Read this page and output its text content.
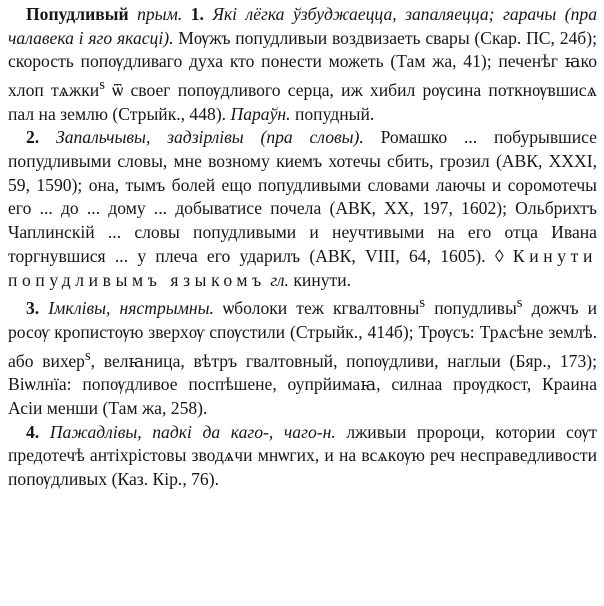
Попудливый прым. 1. Які лёгка ўзбуджаецца, запаляецца; гарачы (пра чалавека і яго якасці). Мѹжъ попудливыи воздвизаеть свары (Скар. ПС, 24б); скорость попѹдливаго духа кто понести можеть (Там жа, 41); печенѣг ꙗко хлоп тѧжки$^s$ ѿ своег попѹдливого серца, иж хибил рѹсина поткнѹвшисѧ пал на землю (Стрыйк., 448). Параўн. попудный.

2. Запальчывы, задзірлівы (пра словы). Ромашко ... побурывшисе попудливыми словы, мне возному киемъ хотечы сбить, грозил (АВК, XXXI, 59, 1590); она, тымъ болей ещо попудливыми словами лаючы и соромотечы его ... до ... дому ... добыватисе почела (АВК, XX, 197, 1602); Ольбрихтъ Чаплинскій ... словы попудливыми и неучтивыми на его отца Ивана торгнувшися ... у плеча его ударилъ (АВК, VIII, 64, 1605). ◊ Кинути попудливымъ языкомъ гл. кинути.

3. Імклівы, нястрымны. ѡболоки теж кгвалтовны$^s$ попудливы$^s$ дожчъ и росѹ кропистѹю зверхѹ спѹстили (Стрыйк., 414б); Трѹсъ: Трѧсѣне землѣ. або вихер$^s$, велꙗница, вѣтръ гвалтовный, попѹдливи, наглыи (Бяр., 173); Віѡлнїа: попѹдливое поспѣшене, оупрйимаꙗ, силнаа прѹдкост, Краина Асіи менши (Там жа, 258).

4. Пажадлівы, падкі да каго-, чаго-н. лживыи пророци, котории сѹт предотечѣ антіхрістовы зводѧчи мнѡгих, и на всѧкѹю реч несправедливости попѹдливых (Каз. Кір., 76).
